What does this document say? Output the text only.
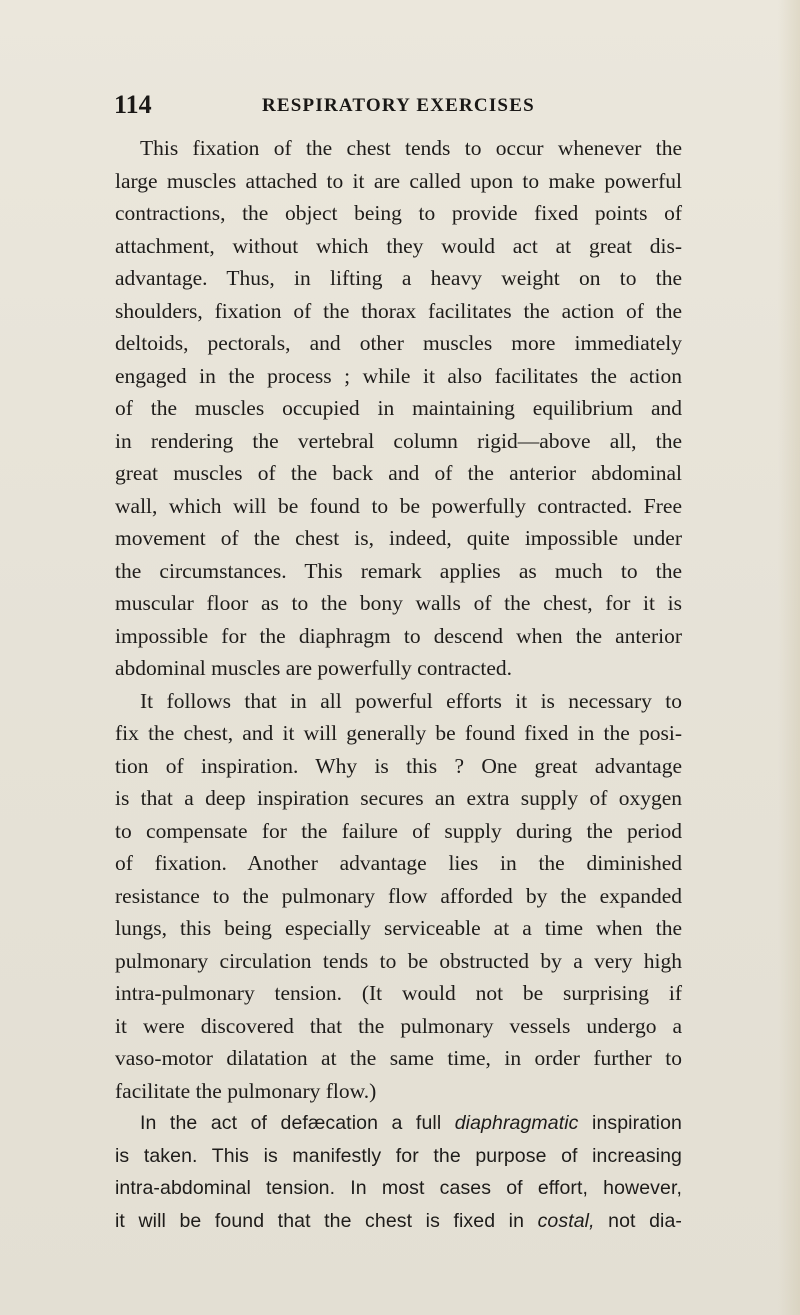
114	RESPIRATORY EXERCISES
This fixation of the chest tends to occur whenever the
large muscles attached to it are called upon to make powerful
contractions, the object being to provide fixed points of
attachment, without which they would act at great dis-
advantage. Thus, in lifting a heavy weight on to the
shoulders, fixation of the thorax facilitates the action of the
deltoids, pectorals, and other muscles more immediately
engaged in the process ; while it also facilitates the action
of the muscles occupied in maintaining equilibrium and
in rendering the vertebral column rigid—above all, the
great muscles of the back and of the anterior abdominal
wall, which will be found to be powerfully contracted. Free
movement of the chest is, indeed, quite impossible under
the circumstances. This remark applies as much to the
muscular floor as to the bony walls of the chest, for it is
impossible for the diaphragm to descend when the anterior
abdominal muscles are powerfully contracted.
It follows that in all powerful efforts it is necessary to
fix the chest, and it will generally be found fixed in the posi-
tion of inspiration. Why is this ? One great advantage
is that a deep inspiration secures an extra supply of oxygen
to compensate for the failure of supply during the period
of fixation. Another advantage lies in the diminished
resistance to the pulmonary flow afforded by the expanded
lungs, this being especially serviceable at a time when the
pulmonary circulation tends to be obstructed by a very high
intra-pulmonary tension. (It would not be surprising if
it were discovered that the pulmonary vessels undergo a
vaso-motor dilatation at the same time, in order further to
facilitate the pulmonary flow.)
In the act of defæcation a full diaphragmatic inspiration
is taken. This is manifestly for the purpose of increasing
intra-abdominal tension. In most cases of effort, however,
it will be found that the chest is fixed in costal, not dia-
